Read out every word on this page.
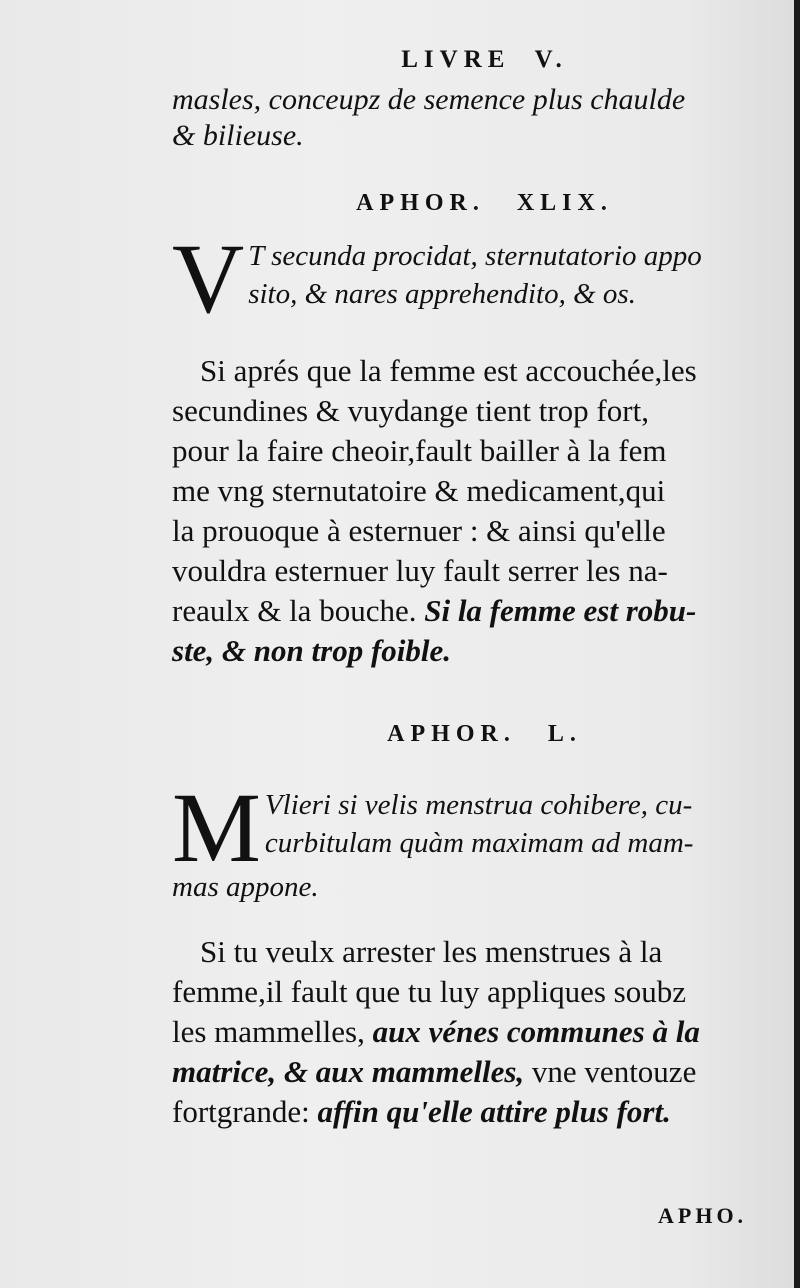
LIVRE V.
masles, conceupz de semence plus chaulde
& bilieuse.
APHOR. XLIX.
V T secunda procidat, sternutatorio appo
sito, & nares apprehendito, & os.
Si aprés que la femme est accouchée,les
secundines & vuydange tient trop fort,
pour la faire cheoir,fault bailler à la fem
me vng sternutatoire & medicament,qui
la prouoque à esternuer : & ainsi qu'elle
vouldra esternuer luy fault serrer les na-
reaulx & la bouche. Si la femme est robu-
ste, & non trop foible.
APHOR. L.
M Vlieri si velis menstrua cohibere, cu-
curbitulam quàm maximam ad mam-
mas appone.
Si tu veulx arrester les menstrues à la
femme,il fault que tu luy appliques soubz
les mammelles, aux vénes communes à la
matrice, & aux mammelles, vne ventouze
fortgrande: affin qu'elle attire plus fort.
APHO.
